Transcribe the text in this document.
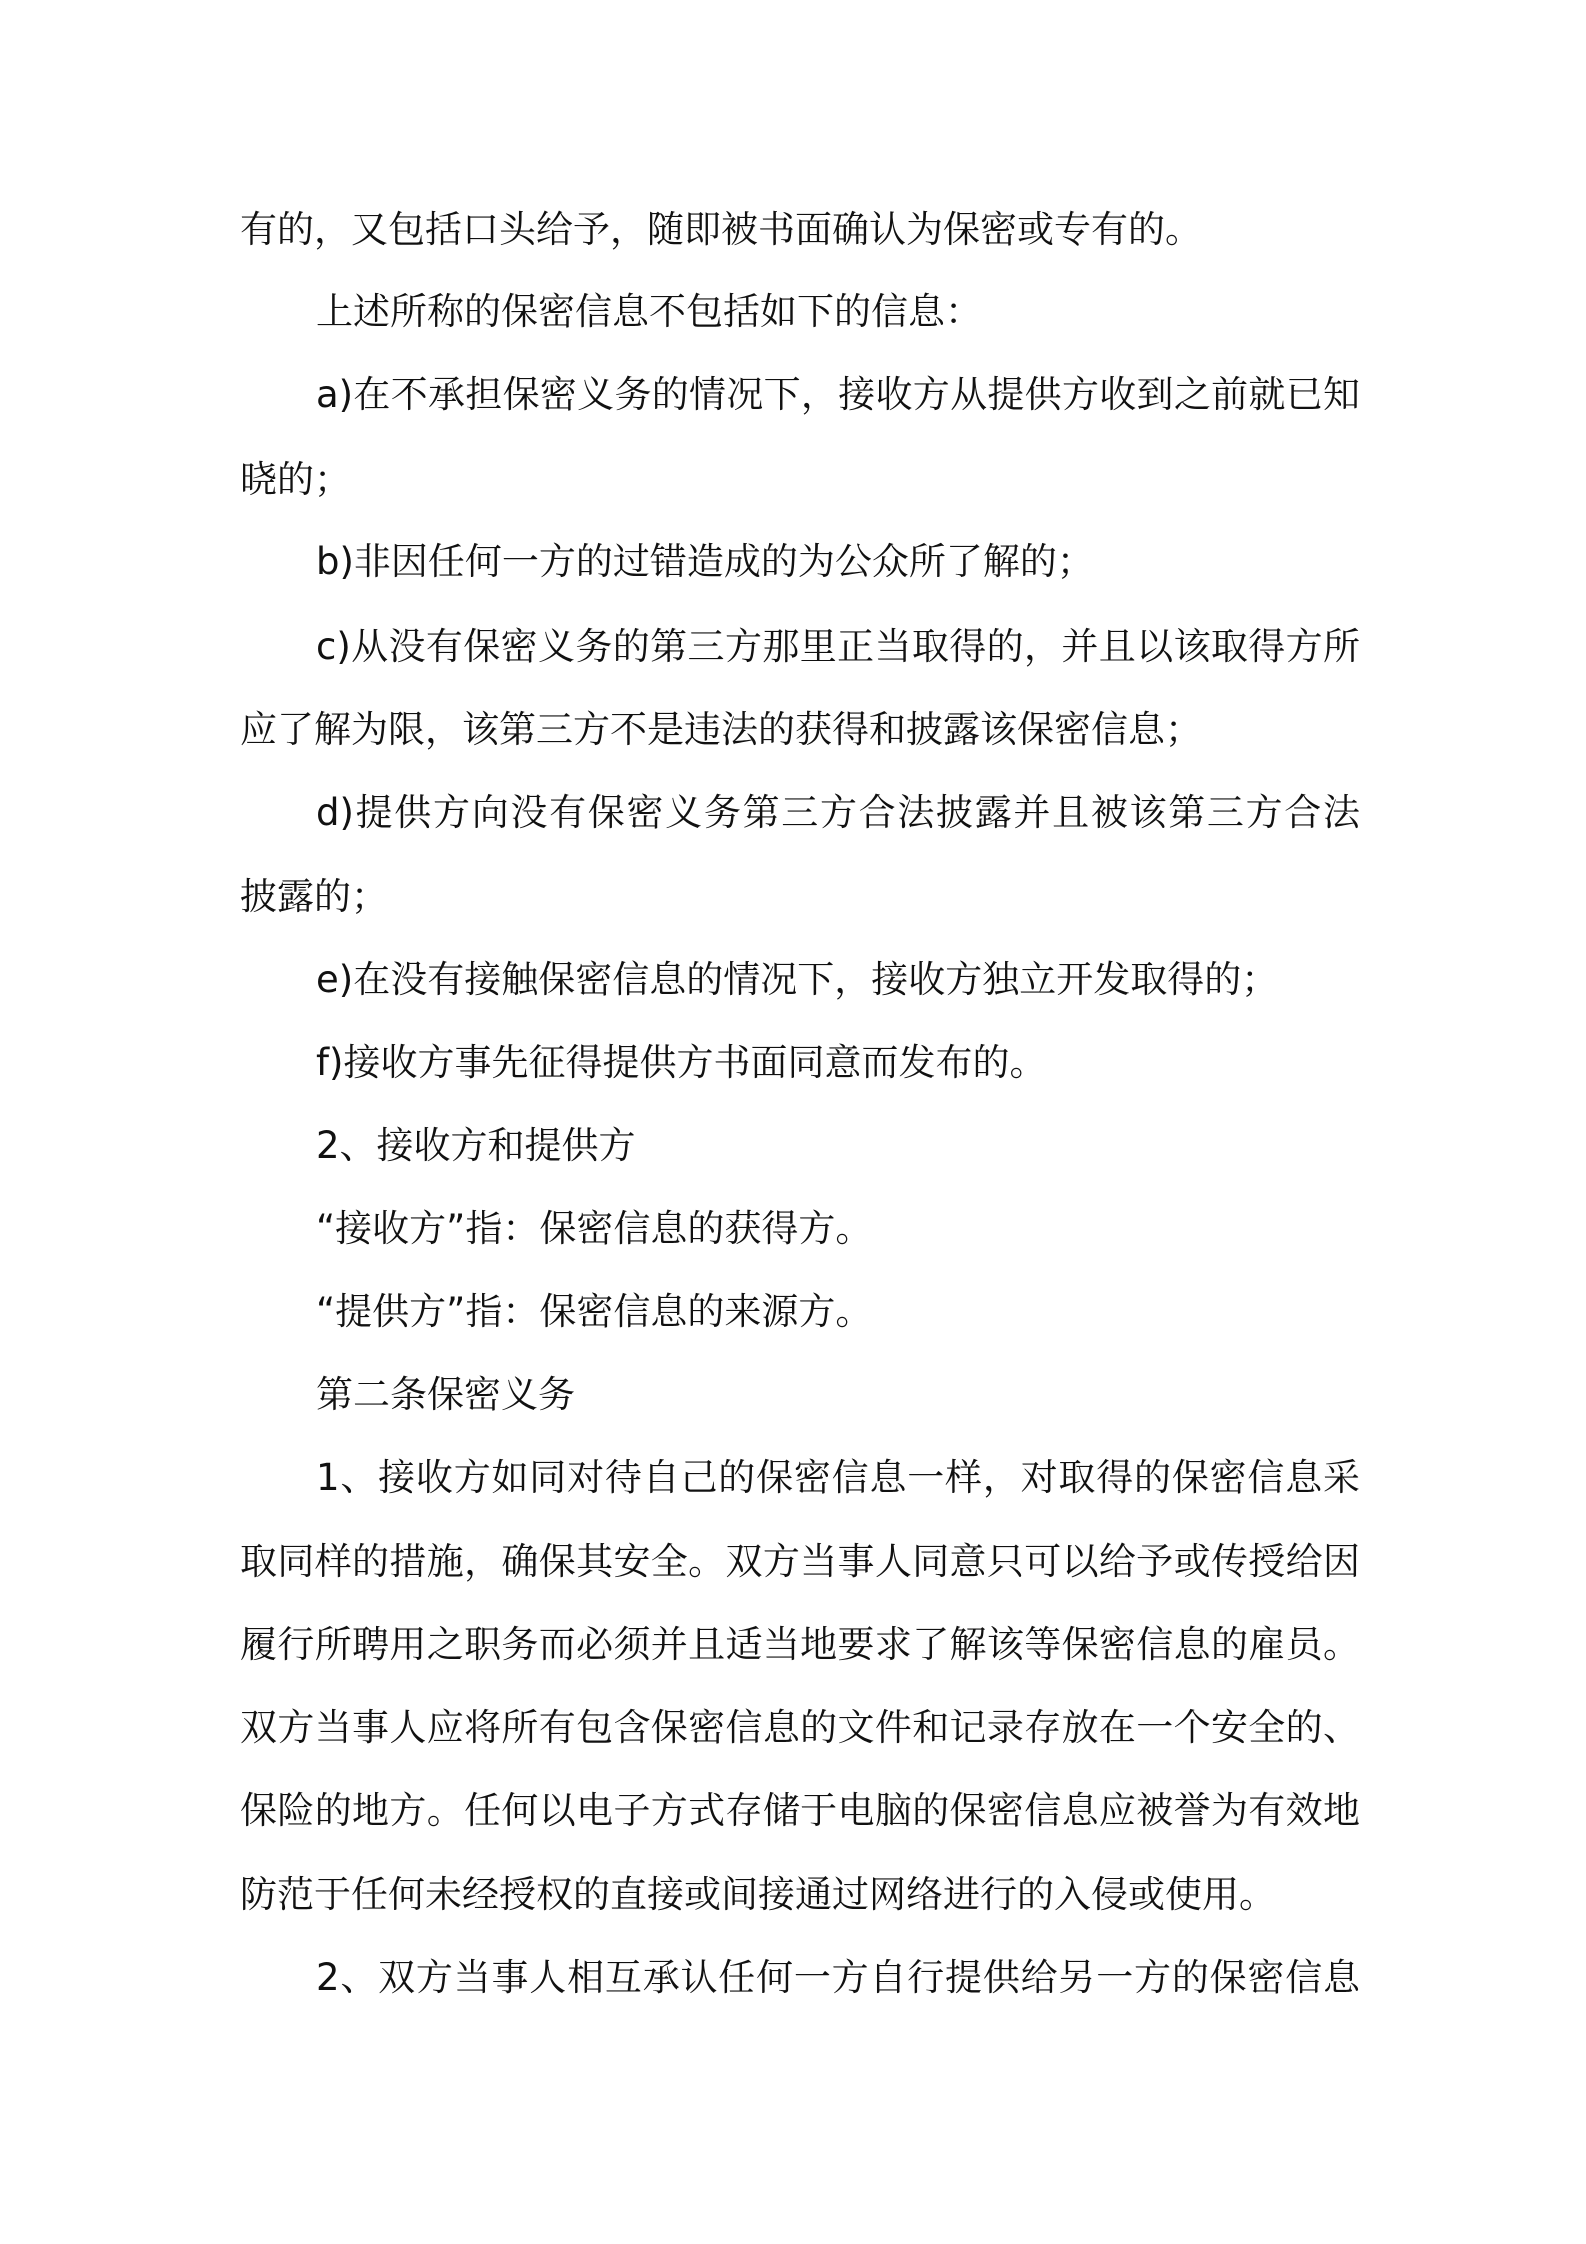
有的，又包括口头给予，随即被书面确认为保密或专有的。
上述所称的保密信息不包括如下的信息：
a)在不承担保密义务的情况下，接收方从提供方收到之前就已知
晓的；
b)非因任何一方的过错造成的为公众所了解的；
c)从没有保密义务的第三方那里正当取得的，并且以该取得方所
应了解为限，该第三方不是违法的获得和披露该保密信息；
d)提供方向没有保密义务第三方合法披露并且被该第三方合法
披露的；
e)在没有接触保密信息的情况下，接收方独立开发取得的；
f)接收方事先征得提供方书面同意而发布的。
2、接收方和提供方
“接收方”指：保密信息的获得方。
“提供方”指：保密信息的来源方。
第二条保密义务
1、接收方如同对待自己的保密信息一样，对取得的保密信息采
取同样的措施，确保其安全。双方当事人同意只可以给予或传授给因
履行所聘用之职务而必须并且适当地要求了解该等保密信息的雇员。
双方当事人应将所有包含保密信息的文件和记录存放在一个安全的、
保险的地方。任何以电子方式存储于电脑的保密信息应被誉为有效地
防范于任何未经授权的直接或间接通过网络进行的入侵或使用。
2、双方当事人相互承认任何一方自行提供给另一方的保密信息
